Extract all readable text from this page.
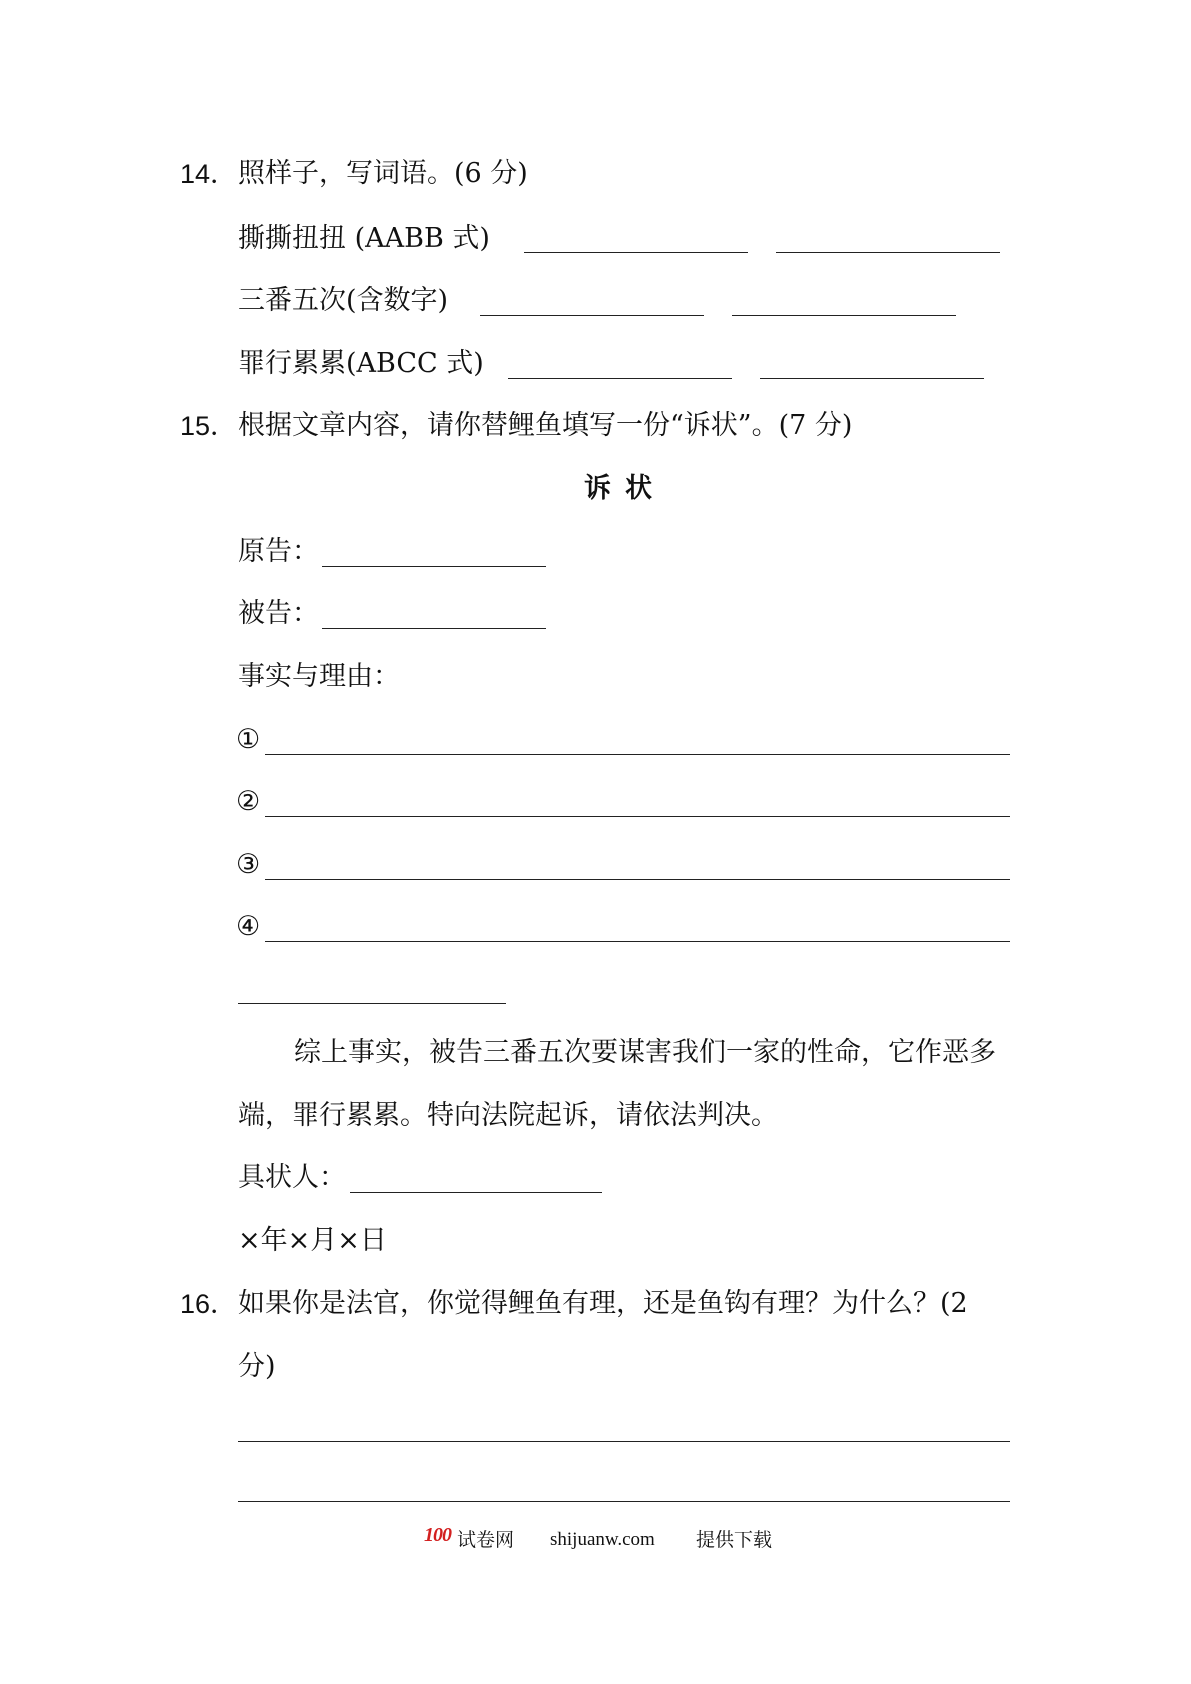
14． 照样子，写词语。(6 分)
撕撕扭扭 (AABB 式)
三番五次(含数字)
罪行累累(ABCC 式)
15． 根据文章内容，请你替鲤鱼填写一份“诉状”。(7 分)
诉状
原告：
被告：
事实与理由：
①
②
③
④
综上事实，被告三番五次要谋害我们一家的性命，它作恶多
端，罪行累累。特向法院起诉，请依法判决。
具状人：
×年×月×日
16． 如果你是法官，你觉得鲤鱼有理，还是鱼钩有理？为什么？(2
分)
100 试卷网 shijuanw.com 提供下载
